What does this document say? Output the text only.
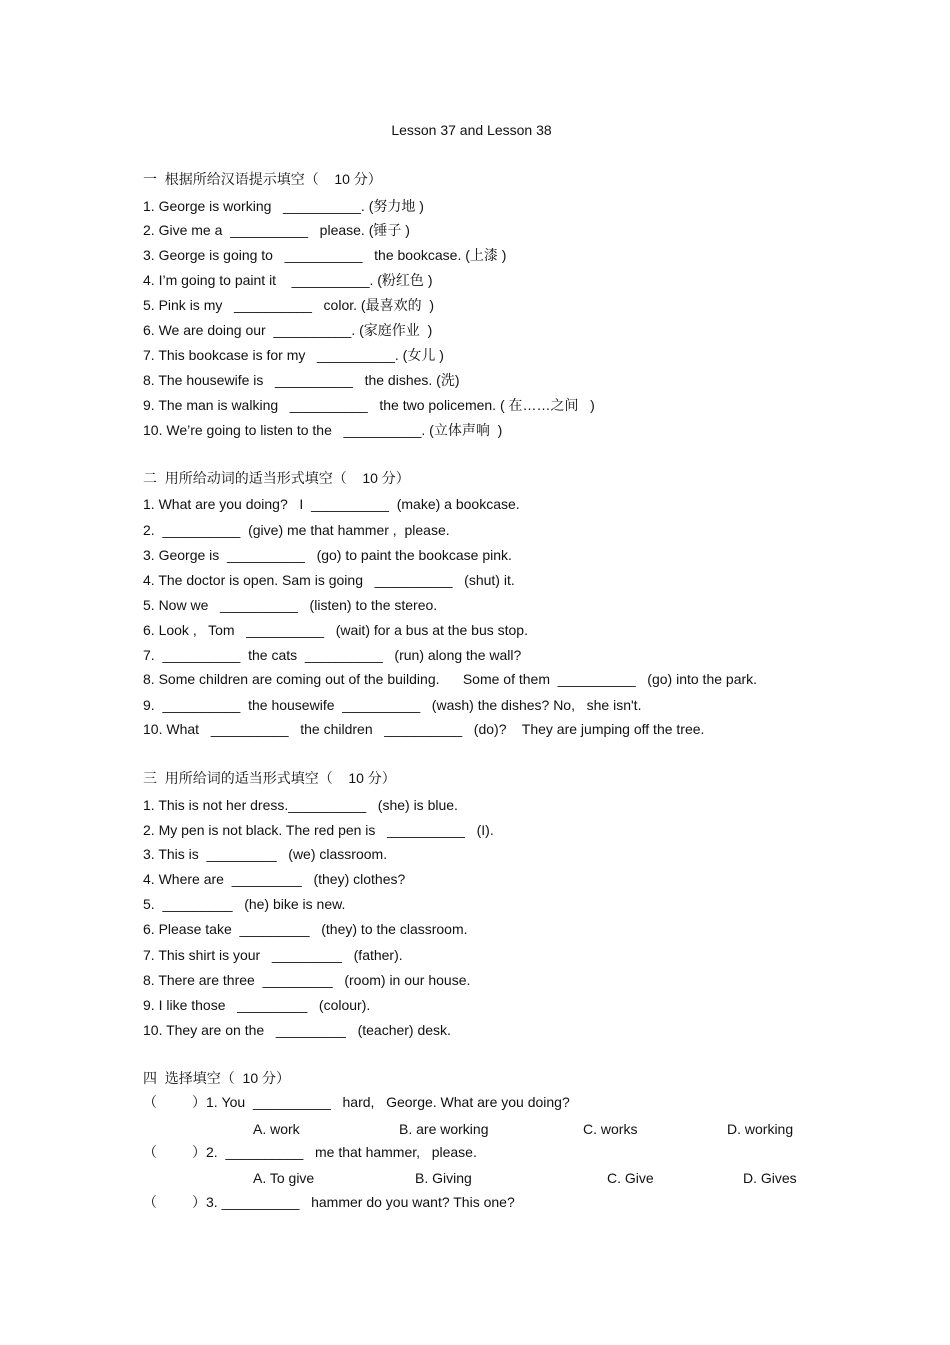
Lesson 37 and Lesson 38
一  根据所给汉语提示填空（    10 分）
1. George is working   __________. (努力地 )
2. Give me a  __________   please. (锤子 )
3. George is going to   __________   the bookcase. (上漆 )
4. I’m going to paint it    __________. (粉红色 )
5. Pink is my   __________   color. (最喜欢的  )
6. We are doing our  __________. (家庭作业  )
7. This bookcase is for my   __________. (女儿 )
8. The housewife is   __________   the dishes. (洗)
9. The man is walking   __________   the two policemen. ( 在……之间   )
10. We’re going to listen to the   __________. (立体声响  )
二  用所给动词的适当形式填空（    10 分）
1. What are you doing?   I  __________  (make) a bookcase.
2.  __________  (give) me that hammer ,  please.
3. George is  __________   (go) to paint the bookcase pink.
4. The doctor is open. Sam is going   __________   (shut) it.
5. Now we   __________   (listen) to the stereo.
6. Look ,   Tom   __________   (wait) for a bus at the bus stop.
7.  __________  the cats  __________   (run) along the wall?
8. Some children are coming out of the building.      Some of them  __________   (go) into the park.
9.  __________  the housewife  __________   (wash) the dishes? No,   she isn't.
10. What   __________   the children   __________   (do)?    They are jumping off the tree.
三  用所给词的适当形式填空（    10 分）
1. This is not her dress.__________   (she) is blue.
2. My pen is not black. The red pen is   __________   (I).
3. This is  _________   (we) classroom.
4. Where are  _________   (they) clothes?
5.  _________   (he) bike is new.
6. Please take  _________   (they) to the classroom.
7. This shirt is your   _________   (father).
8. There are three  _________   (room) in our house.
9. I like those   _________   (colour).
10. They are on the   _________   (teacher) desk.
四  选择填空（  10 分）
（         ）1. You  __________   hard,   George. What are you doing?
A. work	B. are working	C. works	D. working
（         ）2.  __________   me that hammer,   please.
A. To give	B. Giving	C. Give	D. Gives
（         ）3. __________   hammer do you want? This one?
